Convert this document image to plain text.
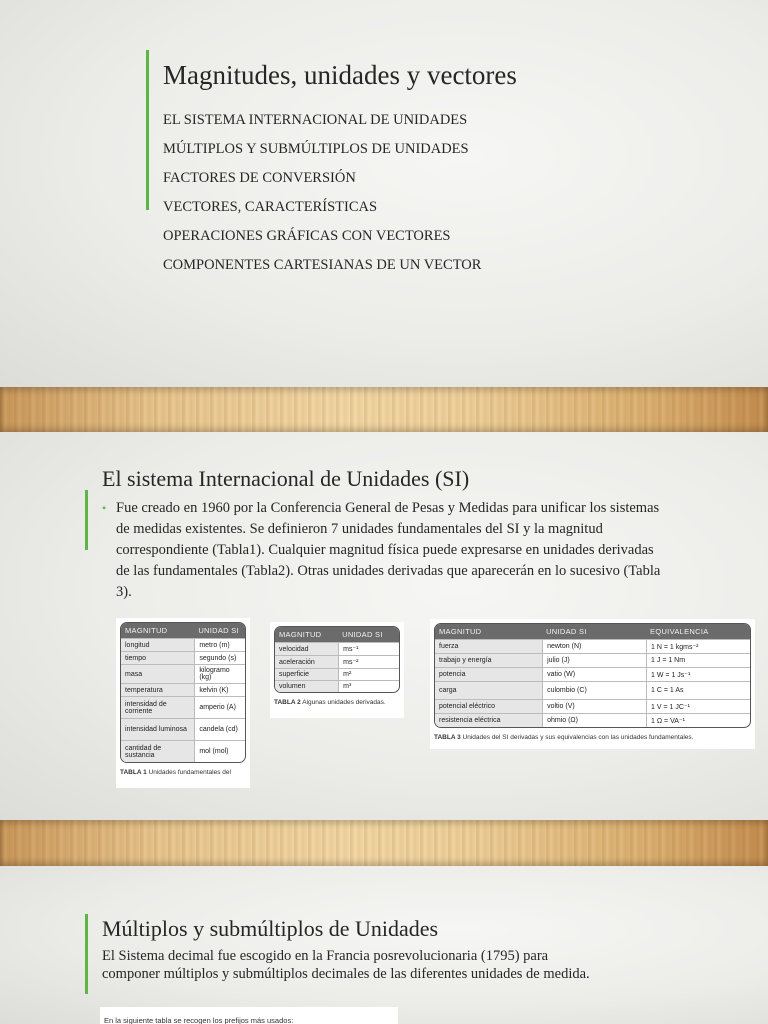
Magnitudes, unidades y vectores
EL SISTEMA INTERNACIONAL DE UNIDADES
MÚLTIPLOS Y SUBMÚLTIPLOS DE UNIDADES
FACTORES DE CONVERSIÓN
VECTORES, CARACTERÍSTICAS
OPERACIONES GRÁFICAS CON VECTORES
COMPONENTES CARTESIANAS DE UN VECTOR
El sistema Internacional de Unidades (SI)
• Fue creado en 1960 por la Conferencia General de Pesas y Medidas para unificar los sistemas de medidas existentes. Se definieron 7 unidades fundamentales del SI y la magnitud correspondiente (Tabla1). Cualquier magnitud física puede expresarse en unidades derivadas de las fundamentales (Tabla2). Otras unidades derivadas que aparecerán en lo sucesivo (Tabla 3).
MAGNITUD	UNIDAD SI
longitud	metro (m)
tiempo	segundo (s)
masa	kilogramo (kg)
temperatura	kelvin (K)
intensidad de corriente	amperio (A)
intensidad luminosa	candela (cd)
cantidad de sustancia	mol (mol)
TABLA 1 Unidades fundamentales del
MAGNITUD	UNIDAD SI
velocidad	ms⁻¹
aceleración	ms⁻²
superficie	m²
volumen	m³
TABLA 2 Algunas unidades derivadas.
MAGNITUD	UNIDAD SI	EQUIVALENCIA
fuerza	newton (N)	1 N = 1 kgms⁻²
trabajo y energía	julio (J)	1 J = 1 Nm
potencia	vatio (W)	1 W = 1 Js⁻¹
carga	culombio (C)	1 C = 1 As
potencial eléctrico	voltio (V)	1 V = 1 JC⁻¹
resistencia eléctrica	ohmio (Ω)	1 Ω = VA⁻¹
TABLA 3 Unidades del SI derivadas y sus equivalencias con las unidades fundamentales.
Múltiplos y submúltiplos de Unidades
El Sistema decimal fue escogido en la Francia posrevolucionaria (1795) para componer múltiplos y submúltiplos decimales de las diferentes unidades de medida.
En la siguiente tabla se recogen los prefijos más usados:
